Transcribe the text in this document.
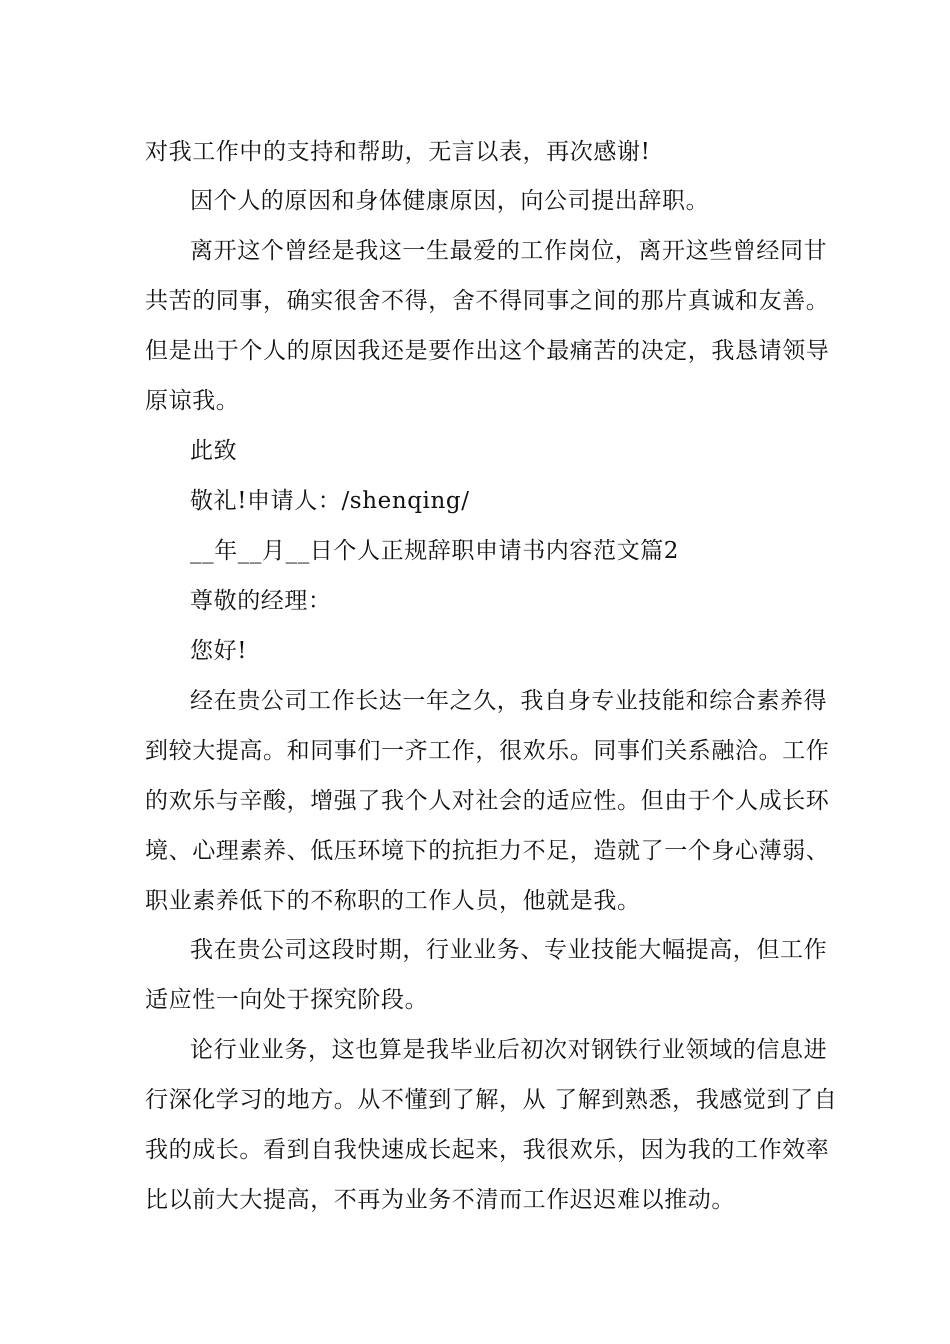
对我工作中的支持和帮助，无言以表，再次感谢!
因个人的原因和身体健康原因，向公司提出辞职。
离开这个曾经是我这一生最爱的工作岗位，离开这些曾经同甘
共苦的同事，确实很舍不得，舍不得同事之间的那片真诚和友善。
但是出于个人的原因我还是要作出这个最痛苦的决定，我恳请领导
原谅我。
此致
敬礼!申请人：/shenqing/
__年__月__日个人正规辞职申请书内容范文篇2
尊敬的经理：
您好!
经在贵公司工作长达一年之久，我自身专业技能和综合素养得
到较大提高。和同事们一齐工作，很欢乐。同事们关系融洽。工作
的欢乐与辛酸，增强了我个人对社会的适应性。但由于个人成长环
境、心理素养、低压环境下的抗拒力不足，造就了一个身心薄弱、
职业素养低下的不称职的工作人员，他就是我。
我在贵公司这段时期，行业业务、专业技能大幅提高，但工作
适应性一向处于探究阶段。
论行业业务，这也算是我毕业后初次对钢铁行业领域的信息进
行深化学习的地方。从不懂到了解，从 了解到熟悉，我感觉到了自
我的成长。看到自我快速成长起来，我很欢乐，因为我的工作效率
比以前大大提高，不再为业务不清而工作迟迟难以推动。
